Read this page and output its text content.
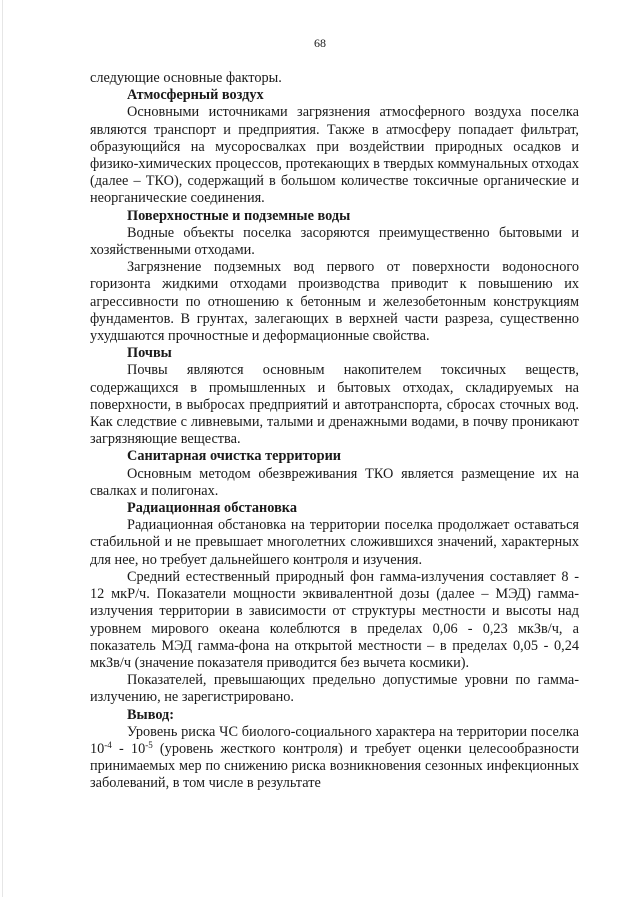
68

следующие основные факторы.

Атмосферный воздух

Основными источниками загрязнения атмосферного воздуха поселка являются транспорт и предприятия. Также в атмосферу попадает фильтрат, образующийся на мусоросвалках при воздействии природных осадков и физико-химических процессов, протекающих в твердых коммунальных отходах (далее – ТКО), содержащий в большом количестве токсичные органические и неорганические соединения.

Поверхностные и подземные воды

Водные объекты поселка засоряются преимущественно бытовыми и хозяйственными отходами.

Загрязнение подземных вод первого от поверхности водоносного горизонта жидкими отходами производства приводит к повышению их агрессивности по отношению к бетонным и железобетонным конструкциям фундаментов. В грунтах, залегающих в верхней части разреза, существенно ухудшаются прочностные и деформационные свойства.

Почвы

Почвы являются основным накопителем токсичных веществ, содержащихся в промышленных и бытовых отходах, складируемых на поверхности, в выбросах предприятий и автотранспорта, сбросах сточных вод. Как следствие с ливневыми, талыми и дренажными водами, в почву проникают загрязняющие вещества.

Санитарная очистка территории

Основным методом обезвреживания ТКО является размещение их на свалках и полигонах.

Радиационная обстановка

Радиационная обстановка на территории поселка продолжает оставаться стабильной и не превышает многолетних сложившихся значений, характерных для нее, но требует дальнейшего контроля и изучения.

Средний естественный природный фон гамма-излучения составляет 8 - 12 мкР/ч. Показатели мощности эквивалентной дозы (далее – МЭД) гамма-излучения территории в зависимости от структуры местности и высоты над уровнем мирового океана колеблются в пределах 0,06 - 0,23 мкЗв/ч, а показатель МЭД гамма-фона на открытой местности – в пределах 0,05 - 0,24 мкЗв/ч (значение показателя приводится без вычета космики).

Показателей, превышающих предельно допустимые уровни по гамма-излучению, не зарегистрировано.

Вывод:

Уровень риска ЧС биолого-социального характера на территории поселка $10^{-4} - 10^{-5}$ (уровень жесткого контроля) и требует оценки целесообразности принимаемых мер по снижению риска возникновения сезонных инфекционных заболеваний, в том числе в результате
